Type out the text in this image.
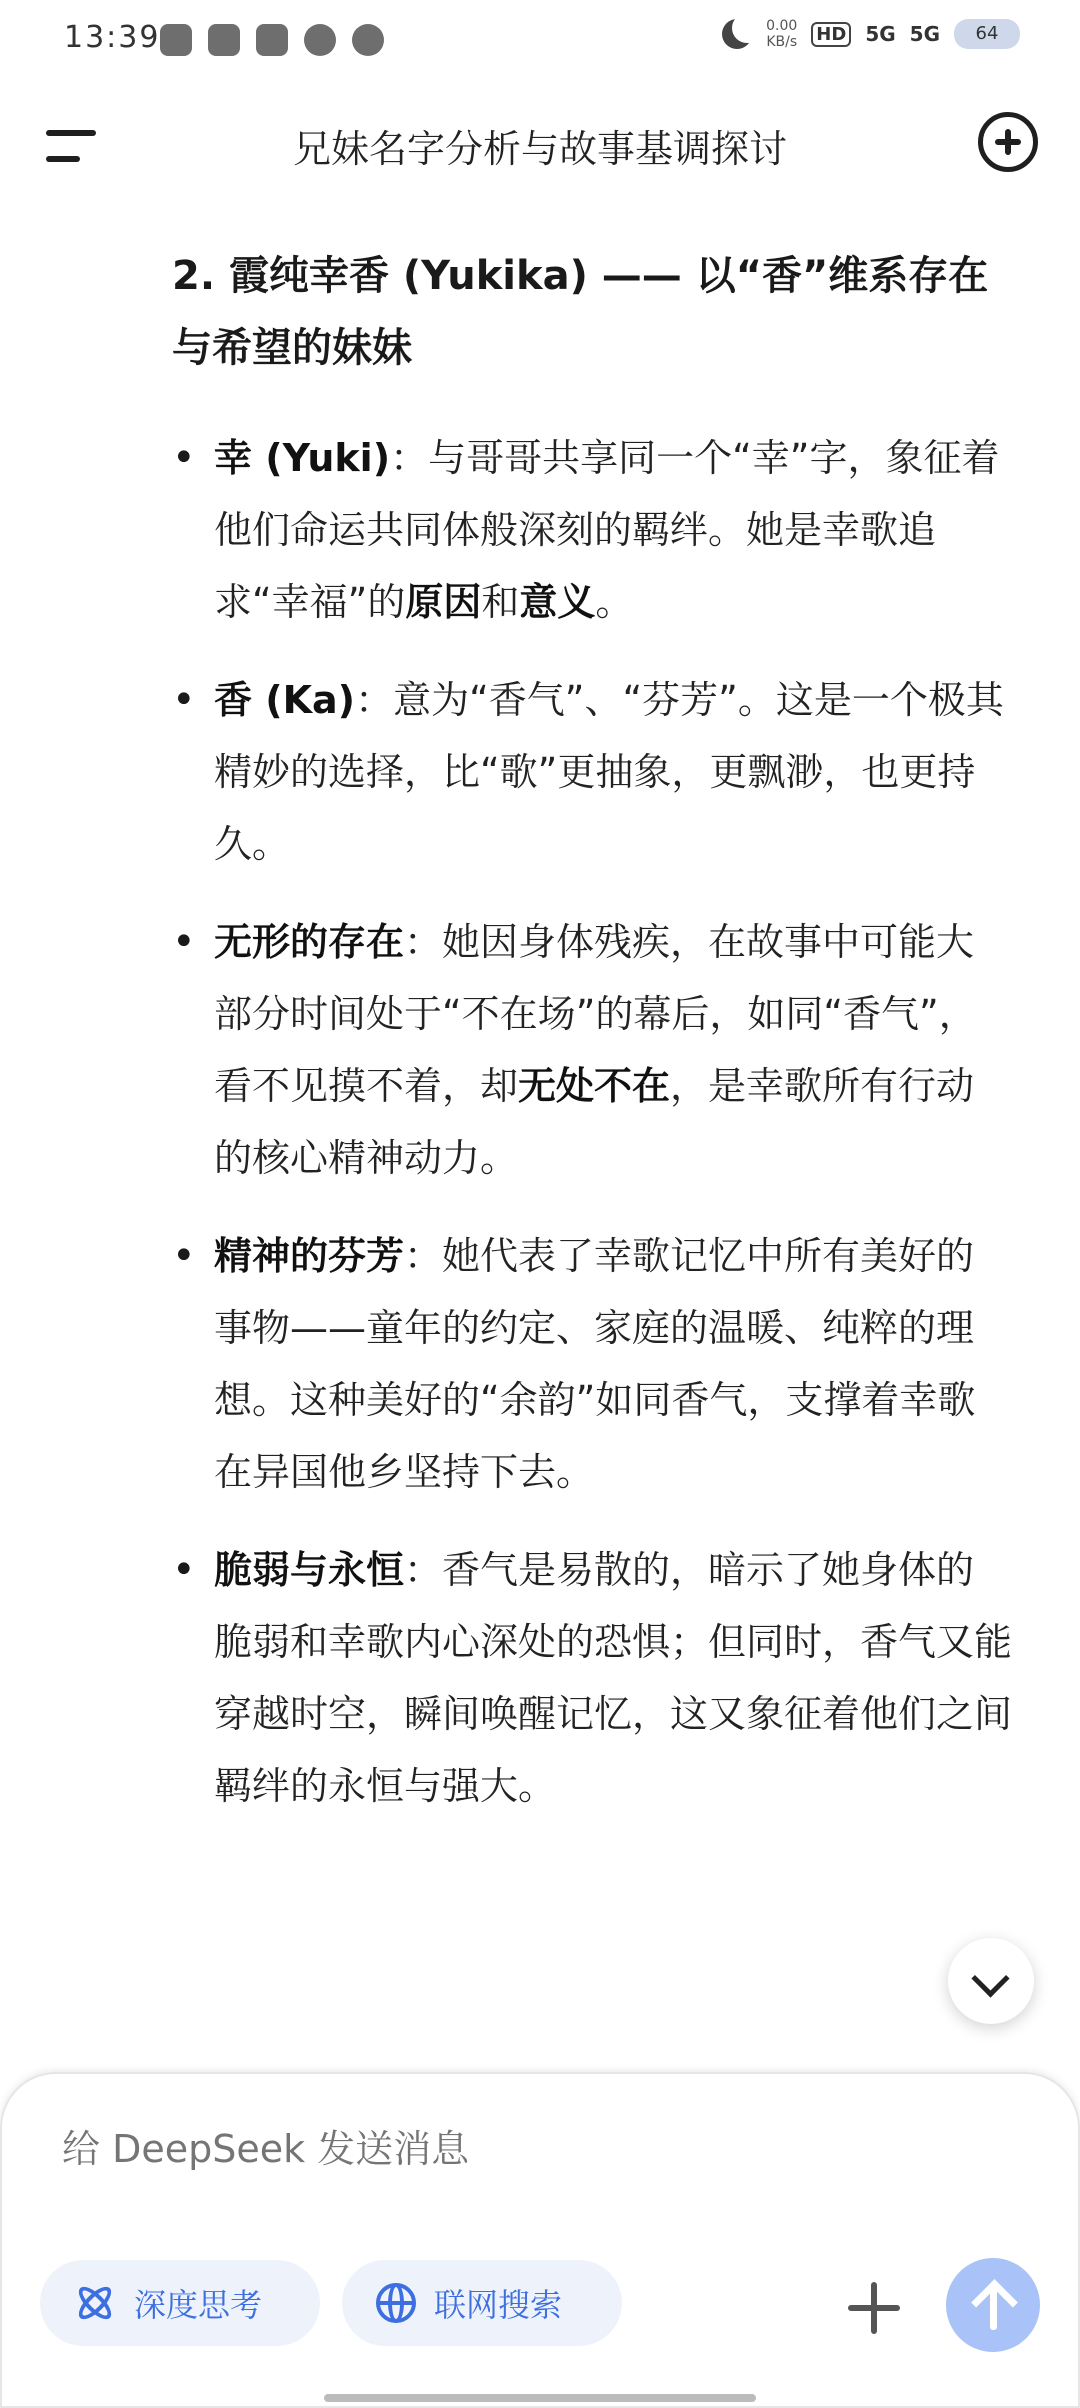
13:39	0.00
KB/s HD 5G 5G	64
兄妹名字分析与故事基调探讨
2. 霞纯幸香 (Yukika) —— 以“香”维系存在与希望的妹妹
• 幸 (Yuki)：与哥哥共享同一个“幸”字，象征着他们命运共同体般深刻的羁绊。她是幸歌追求“幸福”的原因和意义。
• 香 (Ka)：意为“香气”、“芬芳”。这是一个极其精妙的选择，比“歌”更抽象，更飘渺，也更持久。
• 无形的存在：她因身体残疾，在故事中可能大部分时间处于“不在场”的幕后，如同“香气”，看不见摸不着，却无处不在，是幸歌所有行动的核心精神动力。
• 精神的芬芳：她代表了幸歌记忆中所有美好的事物——童年的约定、家庭的温暖、纯粹的理想。这种美好的“余韵”如同香气，支撑着幸歌在异国他乡坚持下去。
• 脆弱与永恒：香气是易散的，暗示了她身体的脆弱和幸歌内心深处的恐惧；但同时，香气又能穿越时空，瞬间唤醒记忆，这又象征着他们之间羁绊的永恒与强大。
给 DeepSeek 发送消息
深度思考	联网搜索
